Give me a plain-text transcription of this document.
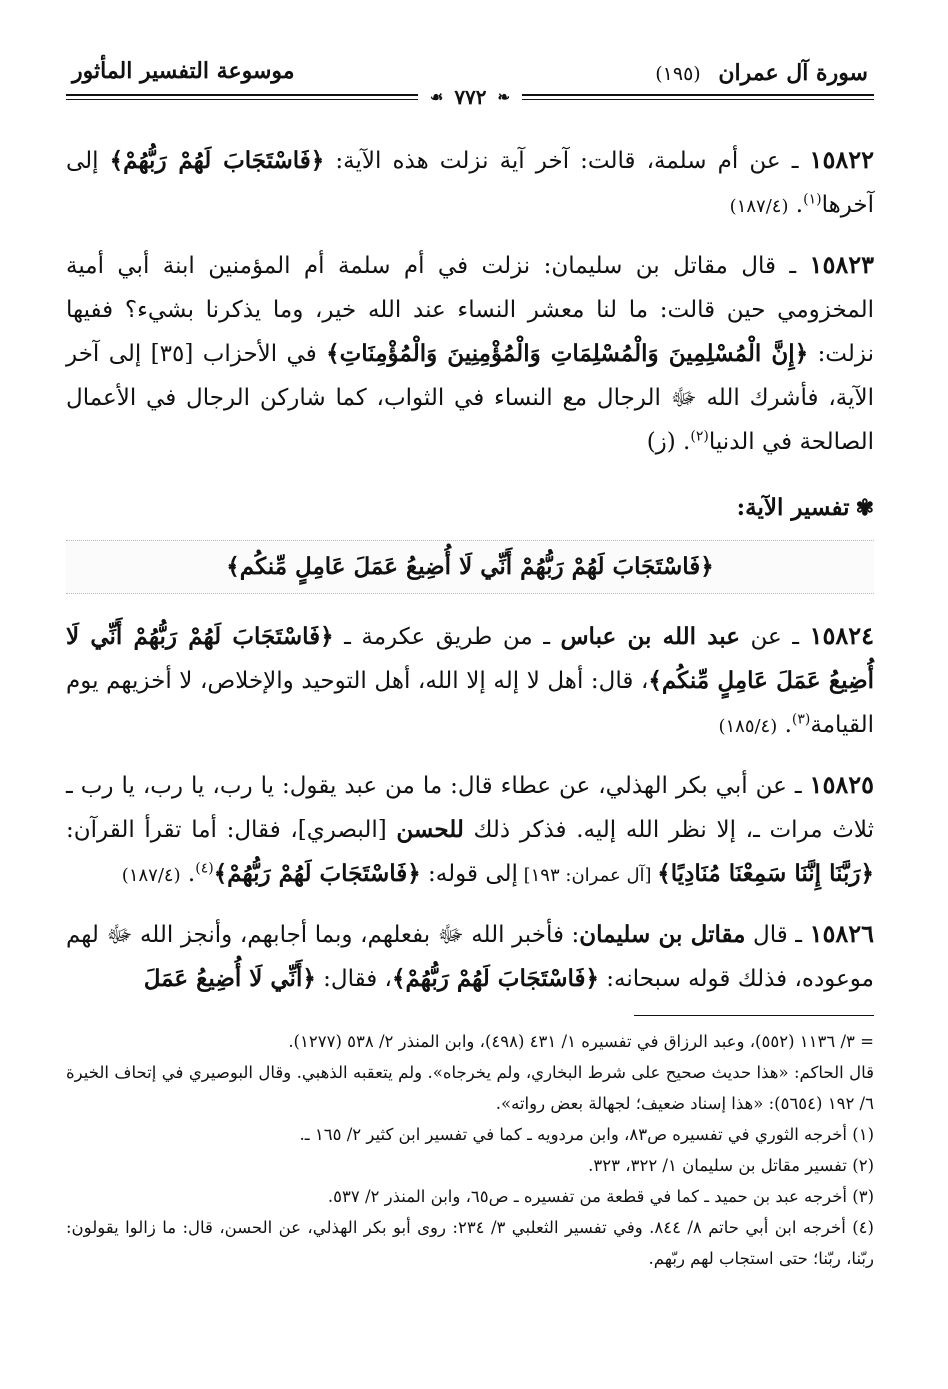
سورة آل عمران (١٩٥)
موسوعة التفسير المأثور
❧ ٧٧٢ ☙

١٥٨٢٢ ـ عن أم سلمة، قالت: آخر آية نزلت هذه الآية: ﴿فَاسْتَجَابَ لَهُمْ رَبُّهُمْ﴾ إلى آخرها$^{(١)}$. (١٨٧/٤)

١٥٨٢٣ ـ قال مقاتل بن سليمان: نزلت في أم سلمة أم المؤمنين ابنة أبي أمية المخزومي حين قالت: ما لنا معشر النساء عند الله خير، وما يذكرنا بشيء؟ ففيها نزلت: ﴿إِنَّ الْمُسْلِمِينَ وَالْمُسْلِمَاتِ وَالْمُؤْمِنِينَ وَالْمُؤْمِنَاتِ﴾ في الأحزاب [٣٥] إلى آخر الآية، فأشرك الله ﷻ الرجال مع النساء في الثواب، كما شاركن الرجال في الأعمال الصالحة في الدنيا$^{(٢)}$. (ز)

✾تفسير الآية:
﴿فَاسْتَجَابَ لَهُمْ رَبُّهُمْ أَنِّي لَا أُضِيعُ عَمَلَ عَامِلٍ مِّنكُم﴾

١٥٨٢٤ ـ عن عبد الله بن عباس ـ من طريق عكرمة ـ ﴿فَاسْتَجَابَ لَهُمْ رَبُّهُمْ أَنِّي لَا أُضِيعُ عَمَلَ عَامِلٍ مِّنكُم﴾، قال: أهل لا إله إلا الله، أهل التوحيد والإخلاص، لا أخزيهم يوم القيامة$^{(٣)}$. (١٨٥/٤)

١٥٨٢٥ ـ عن أبي بكر الهذلي، عن عطاء قال: ما من عبد يقول: يا رب، يا رب، يا رب ـ ثلاث مرات ـ، إلا نظر الله إليه. فذكر ذلك للحسن [البصري]، فقال: أما تقرأ القرآن: ﴿رَبَّنَا إِنَّنَا سَمِعْنَا مُنَادِيًا﴾ [آل عمران: ١٩٣] إلى قوله: ﴿فَاسْتَجَابَ لَهُمْ رَبُّهُمْ﴾$^{(٤)}$. (١٨٧/٤)

١٥٨٢٦ ـ قال مقاتل بن سليمان: فأخبر الله ﷻ بفعلهم، وبما أجابهم، وأنجز الله ﷻ لهم موعوده، فذلك قوله سبحانه: ﴿فَاسْتَجَابَ لَهُمْ رَبُّهُمْ﴾، فقال: ﴿أَنِّي لَا أُضِيعُ عَمَلَ

= ٣/ ١١٣٦ (٥٥٢)، وعبد الرزاق في تفسيره ١/ ٤٣١ (٤٩٨)، وابن المنذر ٢/ ٥٣٨ (١٢٧٧).

قال الحاكم: «هذا حديث صحيح على شرط البخاري، ولم يخرجاه». ولم يتعقبه الذهبي. وقال البوصيري في إتحاف الخيرة ٦/ ١٩٢ (٥٦٥٤): «هذا إسناد ضعيف؛ لجهالة بعض رواته».

(١) أخرجه الثوري في تفسيره ص٨٣، وابن مردويه ـ كما في تفسير ابن كثير ٢/ ١٦٥ ـ.

(٢) تفسير مقاتل بن سليمان ١/ ٣٢٢، ٣٢٣.

(٣) أخرجه عبد بن حميد ـ كما في قطعة من تفسيره ـ ص٦٥، وابن المنذر ٢/ ٥٣٧.

(٤) أخرجه ابن أبي حاتم ٨/ ٨٤٤. وفي تفسير الثعلبي ٣/ ٢٣٤: روى أبو بكر الهذلي، عن الحسن، قال: ما زالوا يقولون: ربّنا، ربّنا؛ حتى استجاب لهم ربّهم.
